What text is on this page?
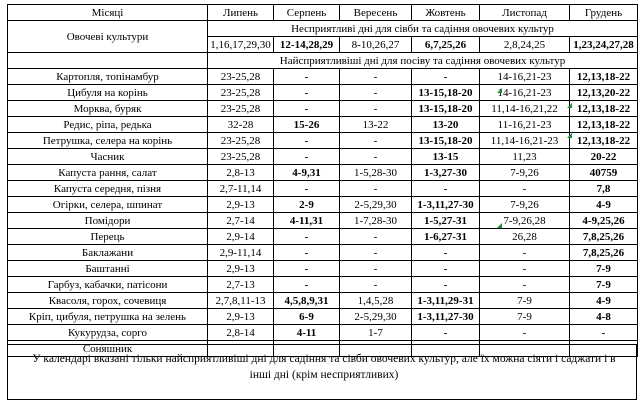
Місяці	Липень	Серпень	Вересень	Жовтень	Листопад	Грудень
Овочеві культури	Несприятливі дні для сівби та садіння овочевих культур					
	1,16,17,29,30	12-14,28,29	8-10,26,27	6,7,25,26	2,8,24,25	1,23,24,27,28
	Найсприятливіші дні для посіву та садіння овочевих культур					
Картопля, топінамбур	23-25,28	-	-	-	14-16,21-23	12,13,18-22
Цибуля на корінь	23-25,28	-	-	13-15,18-20	14-16,21-23	12,13,20-22
Морква, буряк	23-25,28	-	-	13-15,18-20	11,14-16,21,22	12,13,18-22
Редис, ріпа, редька	32-28	15-26	13-22	13-20	11-16,21-23	12,13,18-22
Петрушка, селера на корінь	23-25,28	-	-	13-15,18-20	11,14-16,21-23	12,13,18-22
Часник	23-25,28	-	-	13-15	11,23	20-22
Капуста рання, салат	2,8-13	4-9,31	1-5,28-30	1-3,27-30	7-9,26	40759
Капуста середня, пізня	2,7-11,14	-	-	-	-	7,8
Огірки, селера, шпинат	2,9-13	2-9	2-5,29,30	1-3,11,27-30	7-9,26	4-9
Помідори	2,7-14	4-11,31	1-7,28-30	1-5,27-31	7-9,26,28	4-9,25,26
Перець	2,9-14	-	-	1-6,27-31	26,28	7,8,25,26
Баклажани	2,9-11,14	-	-	-	-	7,8,25,26
Баштанні	2,9-13	-	-	-	-	7-9
Гарбуз, кабачки, патісони	2,7-13	-	-	-	-	7-9
Квасоля, горох, сочевиця	2,7,8,11-13	4,5,8,9,31	1,4,5,28	1-3,11,29-31	7-9	4-9
Кріп, цибуля, петрушка на зелень	2,9-13	6-9	2-5,29,30	1-3,11,27-30	7-9	4-8
Кукурудза, сорго	2,8-14	4-11	1-7	-	-	-
Соняшник						
У календарі вказані тільки найсприятливіші дні для садіння та сівби овочевих культур, але їх можна сіяти і саджати і в інші дні (крім несприятливих)
